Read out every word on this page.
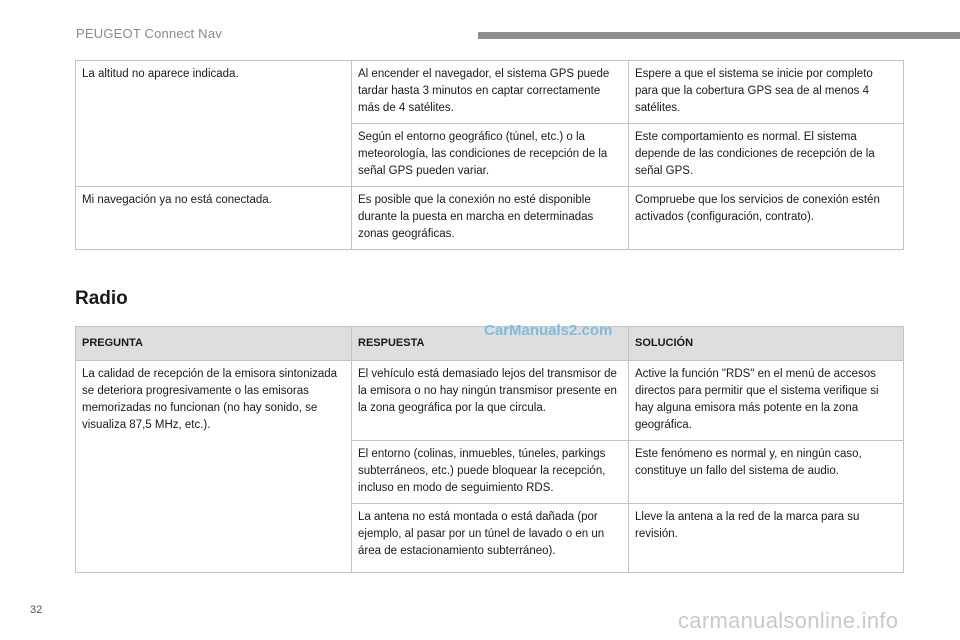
PEUGEOT Connect Nav
La altitud no aparece indicada.	Al encender el navegador, el sistema GPS puede tardar hasta 3 minutos en captar correctamente más de 4 satélites.	Espere a que el sistema se inicie por completo para que la cobertura GPS sea de al menos 4 satélites.
	Según el entorno geográfico (túnel, etc.) o la meteorología, las condiciones de recepción de la señal GPS pueden variar.	Este comportamiento es normal. El sistema depende de las condiciones de recepción de la señal GPS.
Mi navegación ya no está conectada.	Es posible que la conexión no esté disponible durante la puesta en marcha en determinadas zonas geográficas.	Compruebe que los servicios de conexión estén activados (configuración, contrato).
Radio
PREGUNTA	RESPUESTA	SOLUCIÓN
La calidad de recepción de la emisora sintonizada se deteriora progresivamente o las emisoras memorizadas no funcionan (no hay sonido, se visualiza 87,5 MHz, etc.).	El vehículo está demasiado lejos del transmisor de la emisora o no hay ningún transmisor presente en la zona geográfica por la que circula.	Active la función "RDS" en el menú de accesos directos para permitir que el sistema verifique si hay alguna emisora más potente en la zona geográfica.
	El entorno (colinas, inmuebles, túneles, parkings subterráneos, etc.) puede bloquear la recepción, incluso en modo de seguimiento RDS.	Este fenómeno es normal y, en ningún caso, constituye un fallo del sistema de audio.
	La antena no está montada o está dañada (por ejemplo, al pasar por un túnel de lavado o en un área de estacionamiento subterráneo).	Lleve la antena a la red de la marca para su revisión.
CarManuals2.com
32	carmanualsonline.info
